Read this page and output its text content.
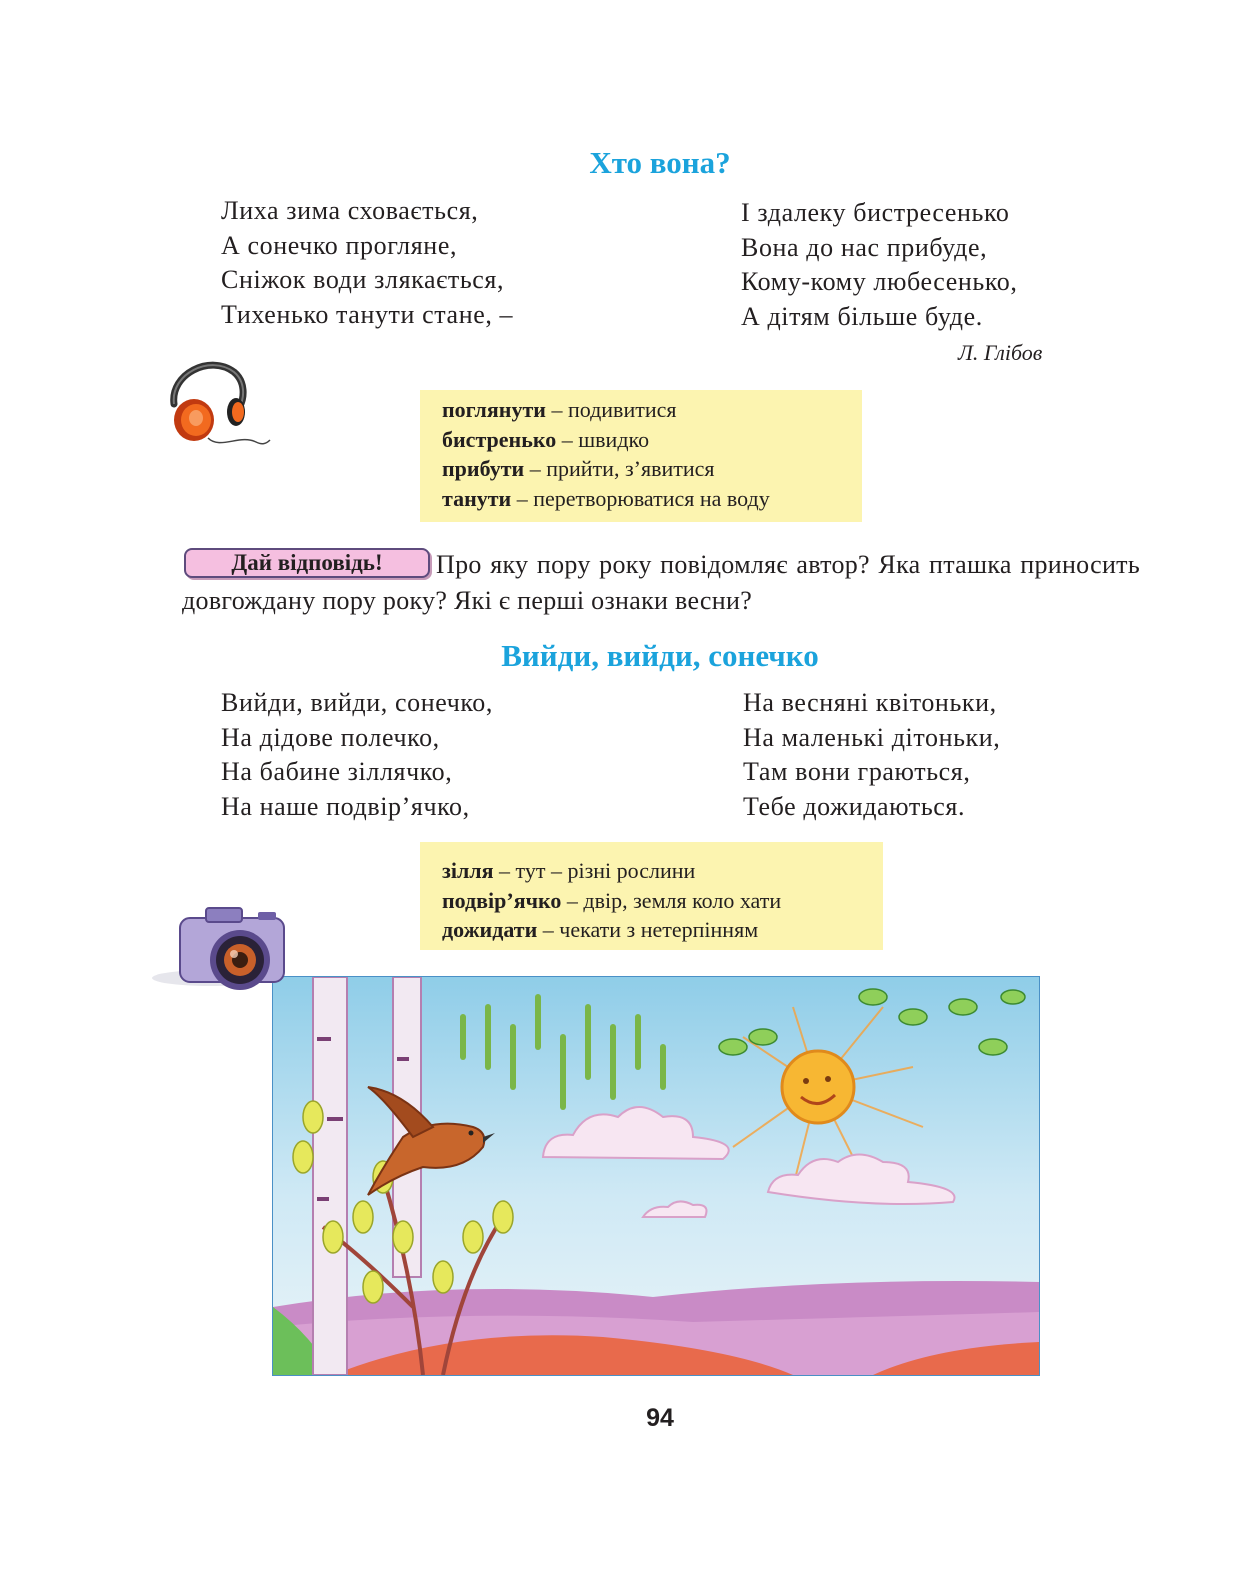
Хто вона?
Лиха зима сховається,
А сонечко прогляне,
Сніжок води злякається,
Тихенько танути стане, –
І здалеку бистресенько
Вона до нас прибуде,
Кому-кому любесенько,
А дітям більше буде.
Л. Глібов
поглянути – подивитися
бистренько – швидко
прибути – прийти, з’явитися
танути – перетворюватися на воду
Про яку пору року повідомляє автор? Яка пташка приносить довгождану пору року? Які є перші ознаки весни?
Дай відповідь!
Вийди, вийди, сонечко
Вийди, вийди, сонечко,
На дідове полечко,
На бабине зіллячко,
На наше подвір’ячко,
На весняні квітоньки,
На маленькі дітоньки,
Там вони граються,
Тебе дожидаються.
зілля – тут – різні рослини
подвір’ячко – двір, земля коло хати
дожидати – чекати з нетерпінням
94
